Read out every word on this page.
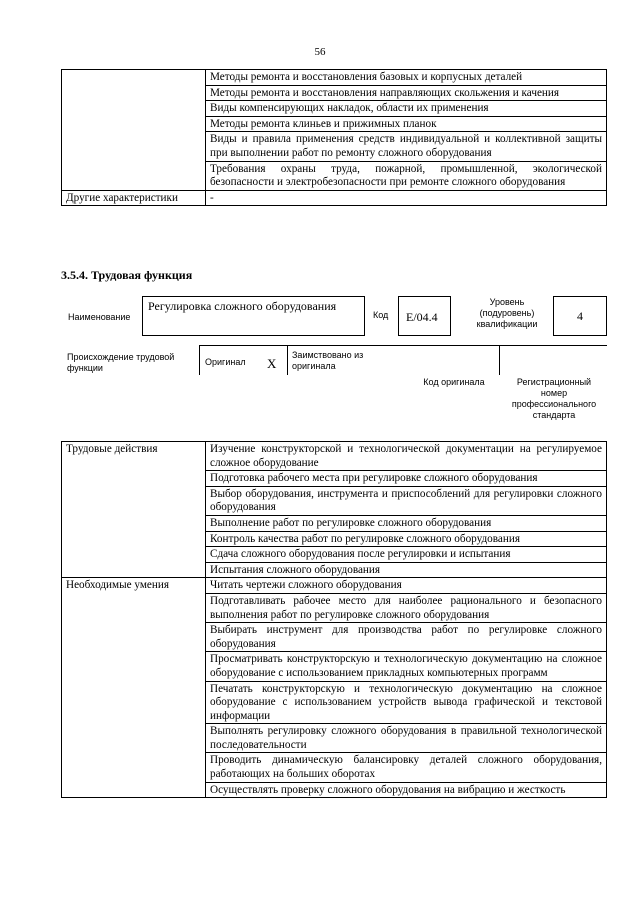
56
	Методы ремонта и восстановления базовых и корпусных деталей
	Методы ремонта и восстановления направляющих скольжения и качения
	Виды компенсирующих накладок, области их применения
	Методы ремонта клиньев и прижимных планок
	Виды и правила применения средств индивидуальной и коллективной защиты при выполнении работ по ремонту сложного оборудования
	Требования охраны труда, пожарной, промышленной, экологической безопасности и электробезопасности при ремонте сложного оборудования
Другие характеристики	-
3.5.4. Трудовая функция
Наименование
Регулировка сложного оборудования
Код E/04.4
Уровень (подуровень) квалификации
4
Происхождение трудовой функции
Оригинал X
Заимствовано из оригинала
Код оригинала	Регистрационный номер профессионального стандарта
Трудовые действия	Изучение конструкторской и технологической документации на регулируемое сложное оборудование
	Подготовка рабочего места при регулировке сложного оборудования
	Выбор оборудования, инструмента и приспособлений для регулировки сложного оборудования
	Выполнение работ по регулировке сложного оборудования
	Контроль качества работ по регулировке сложного оборудования
	Сдача сложного оборудования после регулировки и испытания
	Испытания сложного оборудования
Необходимые умения	Читать чертежи сложного оборудования
	Подготавливать рабочее место для наиболее рационального и безопасного выполнения работ по регулировке сложного оборудования
	Выбирать инструмент для производства работ по регулировке сложного оборудования
	Просматривать конструкторскую и технологическую документацию на сложное оборудование с использованием прикладных компьютерных программ
	Печатать конструкторскую и технологическую документацию на сложное оборудование с использованием устройств вывода графической и текстовой информации
	Выполнять регулировку сложного оборудования в правильной технологической последовательности
	Проводить динамическую балансировку деталей сложного оборудования, работающих на больших оборотах
	Осуществлять проверку сложного оборудования на вибрацию и жесткость
